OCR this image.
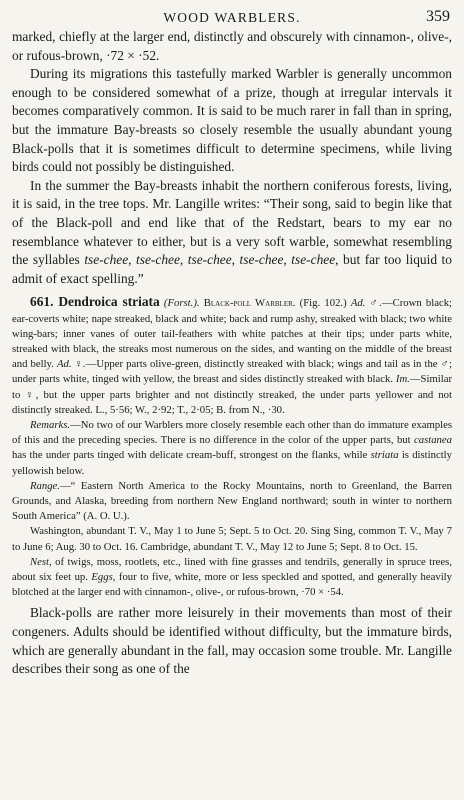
WOOD WARBLERS.	359

marked, chiefly at the larger end, distinctly and obscurely with cinnamon-, olive-, or rufous-brown, ·72 × ·52.

During its migrations this tastefully marked Warbler is generally uncommon enough to be considered somewhat of a prize, though at irregular intervals it becomes comparatively common. It is said to be much rarer in fall than in spring, but the immature Bay-breasts so closely resemble the usually abundant young Black-polls that it is sometimes difficult to determine specimens, while living birds could not possibly be distinguished.

In the summer the Bay-breasts inhabit the northern coniferous forests, living, it is said, in the tree tops. Mr. Langille writes: “Their song, said to begin like that of the Black-poll and end like that of the Redstart, bears to my ear no resemblance whatever to either, but is a very soft warble, somewhat resembling the syllables tse-chee, tse-chee, tse-chee, tse-chee, tse-chee, but far too liquid to admit of exact spelling.”

661. Dendroica striata (Forst.). Black-poll Warbler. (Fig. 102.) Ad. ♂.—Crown black; ear-coverts white; nape streaked, black and white; back and rump ashy, streaked with black; two white wing-bars; inner vanes of outer tail-feathers with white patches at their tips; under parts white, streaked with black, the streaks most numerous on the sides, and wanting on the middle of the breast and belly. Ad. ♀.—Upper parts olive-green, distinctly streaked with black; wings and tail as in the ♂; under parts white, tinged with yellow, the breast and sides distinctly streaked with black. Im.—Similar to ♀, but the upper parts brighter and not distinctly streaked, the under parts yellower and not distinctly streaked. L., 5·56; W., 2·92; T., 2·05; B. from N., ·30.

Remarks.—No two of our Warblers more closely resemble each other than do immature examples of this and the preceding species. There is no difference in the color of the upper parts, but castanea has the under parts tinged with delicate cream-buff, strongest on the flanks, while striata is distinctly yellowish below.

Range.—“ Eastern North America to the Rocky Mountains, north to Greenland, the Barren Grounds, and Alaska, breeding from northern New England northward; south in winter to northern South America” (A. O. U.).

Washington, abundant T. V., May 1 to June 5; Sept. 5 to Oct. 20. Sing Sing, common T. V., May 7 to June 6; Aug. 30 to Oct. 16. Cambridge, abundant T. V., May 12 to June 5; Sept. 8 to Oct. 15.

Nest, of twigs, moss, rootlets, etc., lined with fine grasses and tendrils, generally in spruce trees, about six feet up. Eggs, four to five, white, more or less speckled and spotted, and generally heavily blotched at the larger end with cinnamon-, olive-, or rufous-brown, ·70 × ·54.

Black-polls are rather more leisurely in their movements than most of their congeners. Adults should be identified without difficulty, but the immature birds, which are generally abundant in the fall, may occasion some trouble. Mr. Langille describes their song as one of the
